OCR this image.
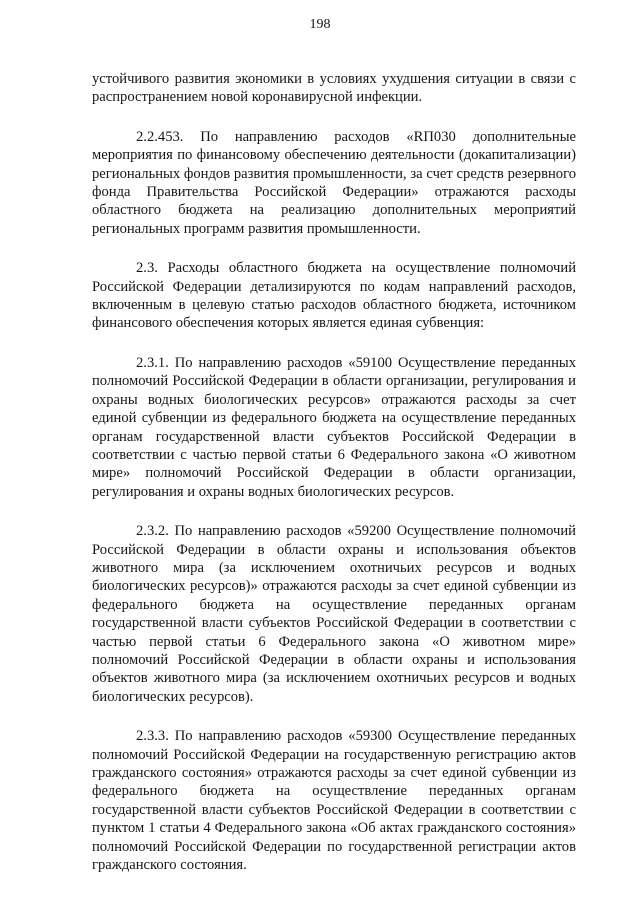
198

устойчивого развития экономики в условиях ухудшения ситуации в связи с распространением новой коронавирусной инфекции.

2.2.453. По направлению расходов «RП030 дополнительные мероприятия по финансовому обеспечению деятельности (докапитализации) региональных фондов развития промышленности, за счет средств резервного фонда Правительства Российской Федерации» отражаются расходы областного бюджета на реализацию дополнительных мероприятий региональных программ развития промышленности.

2.3. Расходы областного бюджета на осуществление полномочий Российской Федерации детализируются по кодам направлений расходов, включенным в целевую статью расходов областного бюджета, источником финансового обеспечения которых является единая субвенция:

2.3.1. По направлению расходов «59100 Осуществление переданных полномочий Российской Федерации в области организации, регулирования и охраны водных биологических ресурсов» отражаются расходы за счет единой субвенции из федерального бюджета на осуществление переданных органам государственной власти субъектов Российской Федерации в соответствии с частью первой статьи 6 Федерального закона «О животном мире» полномочий Российской Федерации в области организации, регулирования и охраны водных биологических ресурсов.

2.3.2. По направлению расходов «59200 Осуществление полномочий Российской Федерации в области охраны и использования объектов животного мира (за исключением охотничьих ресурсов и водных биологических ресурсов)» отражаются расходы за счет единой субвенции из федерального бюджета на осуществление переданных органам государственной власти субъектов Российской Федерации в соответствии с частью первой статьи 6 Федерального закона «О животном мире» полномочий Российской Федерации в области охраны и использования объектов животного мира (за исключением охотничьих ресурсов и водных биологических ресурсов).

2.3.3. По направлению расходов «59300 Осуществление переданных полномочий Российской Федерации на государственную регистрацию актов гражданского состояния» отражаются расходы за счет единой субвенции из федерального бюджета на осуществление переданных органам государственной власти субъектов Российской Федерации в соответствии с пунктом 1 статьи 4 Федерального закона «Об актах гражданского состояния» полномочий Российской Федерации по государственной регистрации актов гражданского состояния.
